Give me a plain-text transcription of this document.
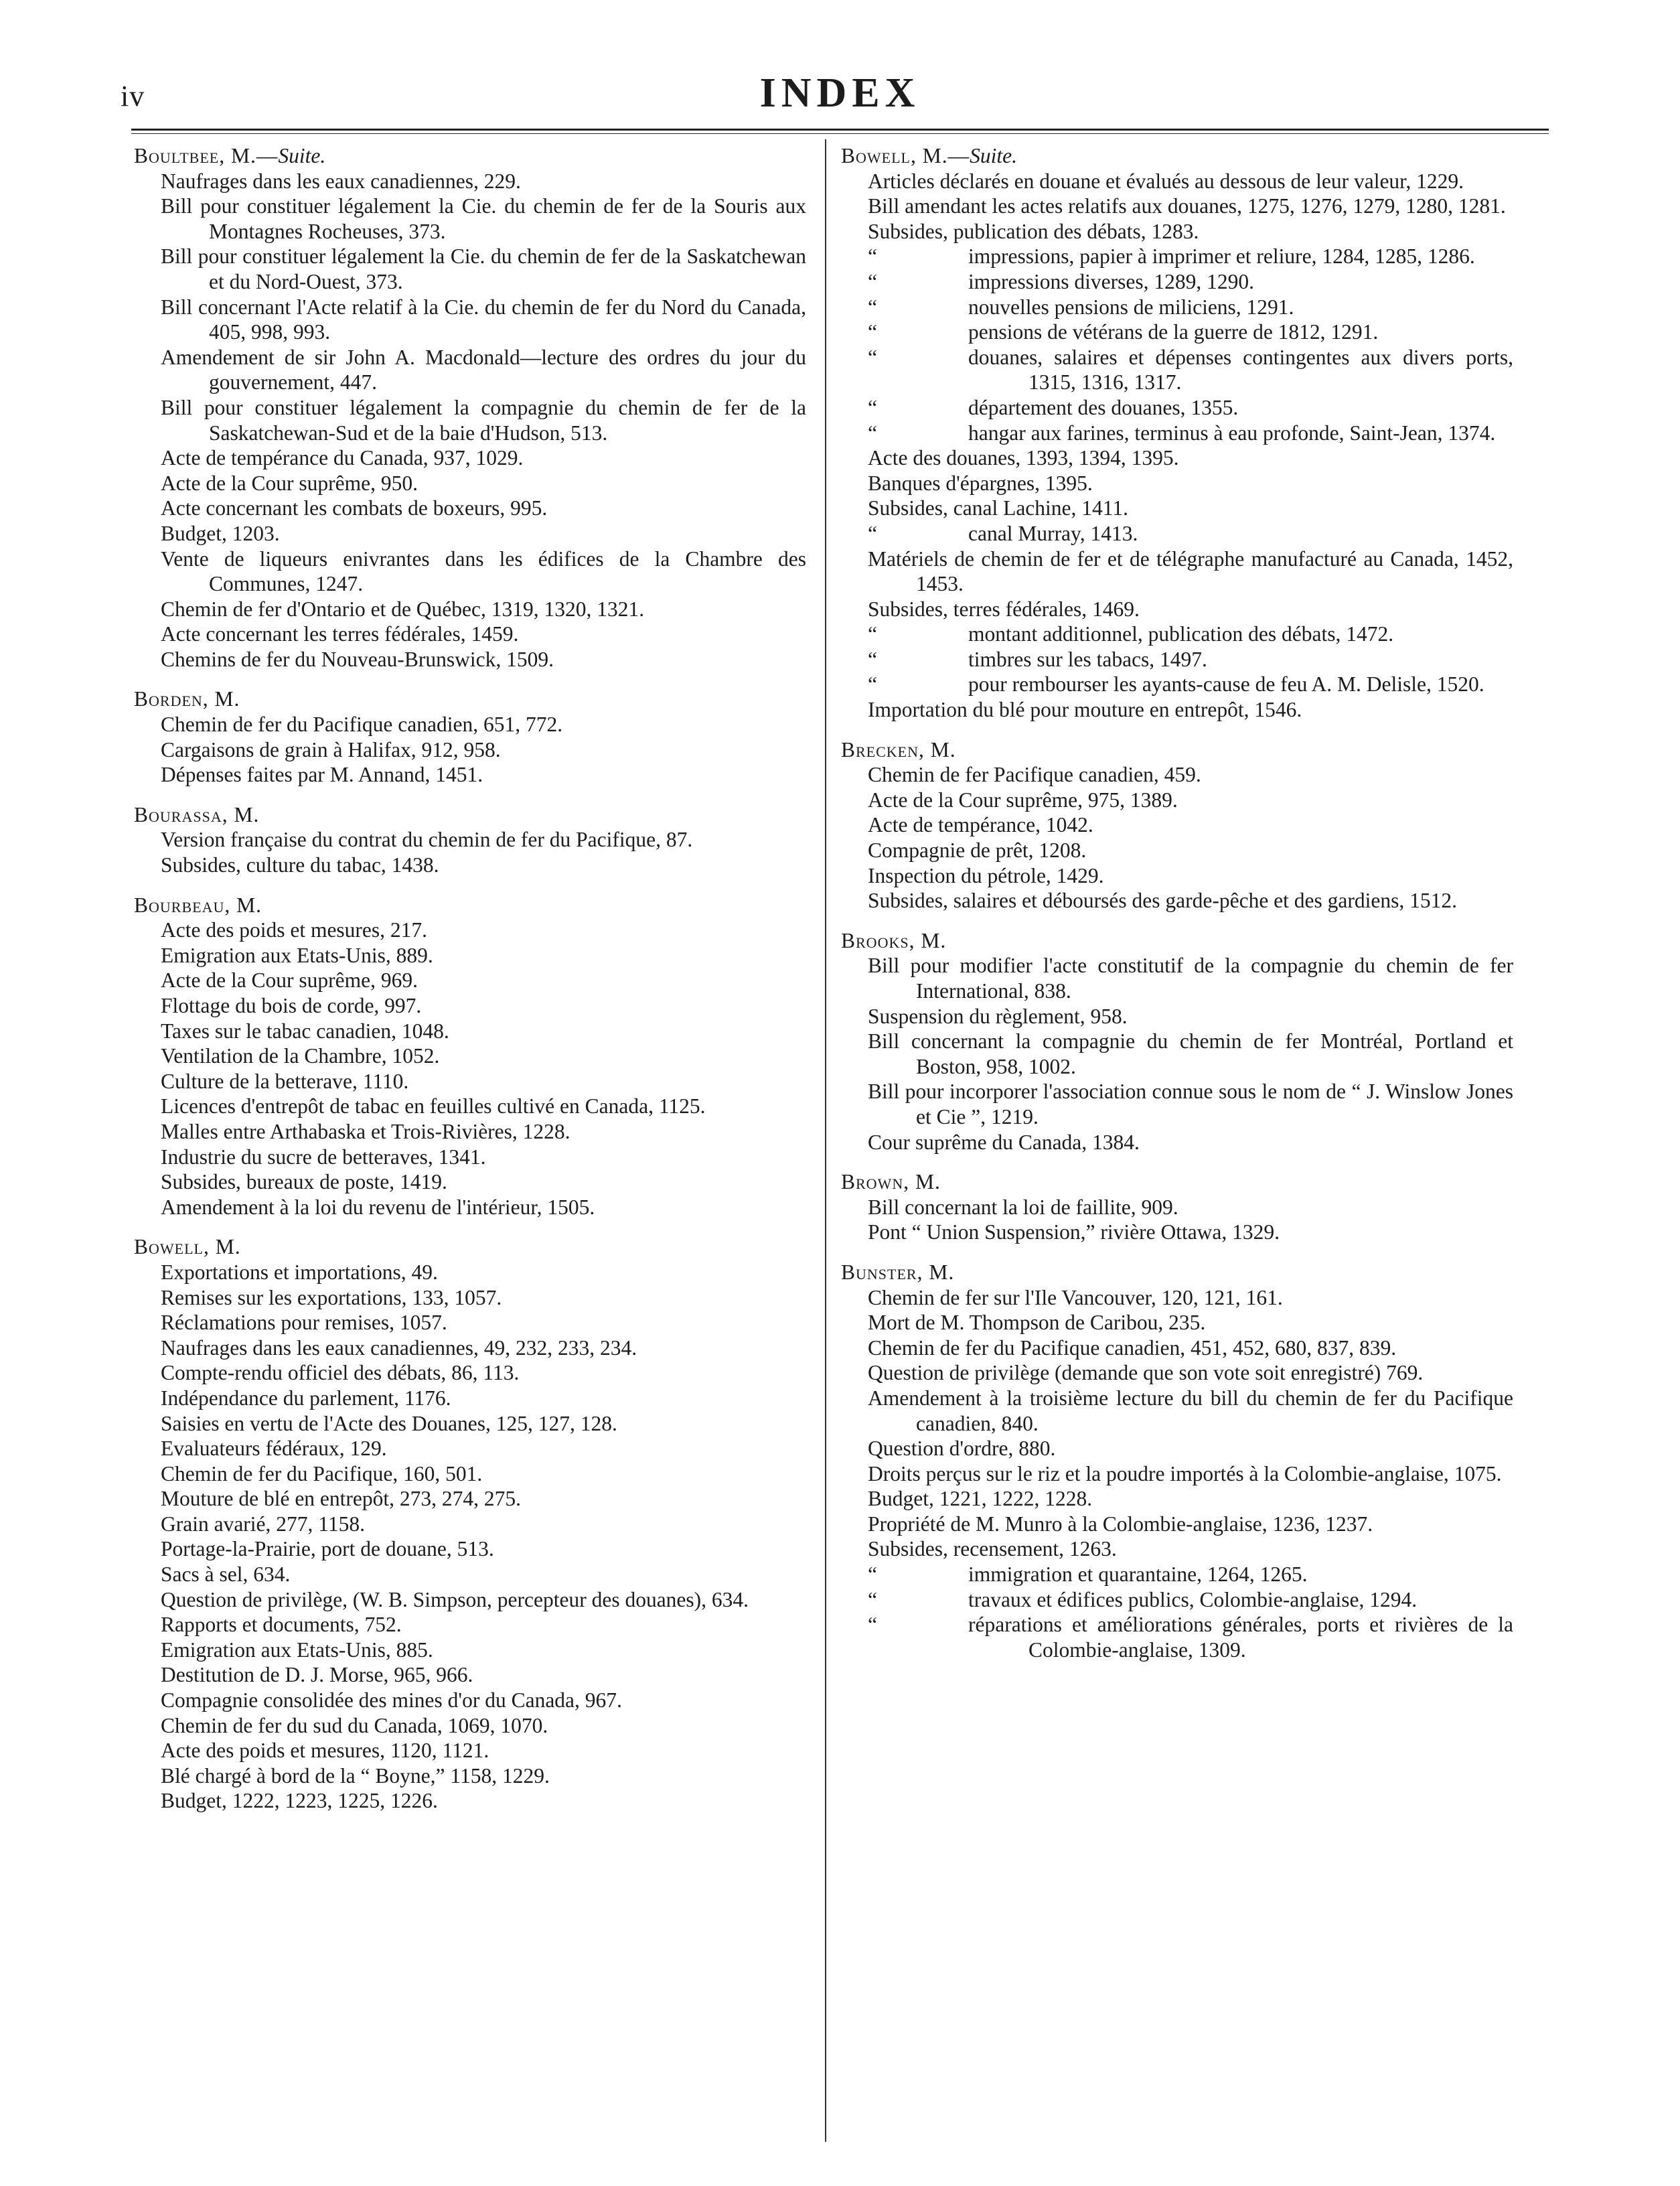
iv	INDEX
Boultbee, M.—Suite.
Naufrages dans les eaux canadiennes, 229.
Bill pour constituer légalement la Cie. du chemin de fer de la Souris aux Montagnes Rocheuses, 373.
Bill pour constituer légalement la Cie. du chemin de fer de la Saskatchewan et du Nord-Ouest, 373.
Bill concernant l'Acte relatif à la Cie. du chemin de fer du Nord du Canada, 405, 998, 993.
Amendement de sir John A. Macdonald—lecture des ordres du jour du gouvernement, 447.
Bill pour constituer légalement la compagnie du chemin de fer de la Saskatchewan-Sud et de la baie d'Hudson, 513.
Acte de tempérance du Canada, 937, 1029.
Acte de la Cour suprême, 950.
Acte concernant les combats de boxeurs, 995.
Budget, 1203.
Vente de liqueurs enivrantes dans les édifices de la Chambre des Communes, 1247.
Chemin de fer d'Ontario et de Québec, 1319, 1320, 1321.
Acte concernant les terres fédérales, 1459.
Chemins de fer du Nouveau-Brunswick, 1509.
Borden, M.
Chemin de fer du Pacifique canadien, 651, 772.
Cargaisons de grain à Halifax, 912, 958.
Dépenses faites par M. Annand, 1451.
Bourassa, M.
Version française du contrat du chemin de fer du Pacifique, 87.
Subsides, culture du tabac, 1438.
Bourbeau, M.
Acte des poids et mesures, 217.
Emigration aux Etats-Unis, 889.
Acte de la Cour suprême, 969.
Flottage du bois de corde, 997.
Taxes sur le tabac canadien, 1048.
Ventilation de la Chambre, 1052.
Culture de la betterave, 1110.
Licences d'entrepôt de tabac en feuilles cultivé en Canada, 1125.
Malles entre Arthabaska et Trois-Rivières, 1228.
Industrie du sucre de betteraves, 1341.
Subsides, bureaux de poste, 1419.
Amendement à la loi du revenu de l'intérieur, 1505.
Bowell, M.
Exportations et importations, 49.
Remises sur les exportations, 133, 1057.
Réclamations pour remises, 1057.
Naufrages dans les eaux canadiennes, 49, 232, 233, 234.
Compte-rendu officiel des débats, 86, 113.
Indépendance du parlement, 1176.
Saisies en vertu de l'Acte des Douanes, 125, 127, 128.
Evaluateurs fédéraux, 129.
Chemin de fer du Pacifique, 160, 501.
Mouture de blé en entrepôt, 273, 274, 275.
Grain avarié, 277, 1158.
Portage-la-Prairie, port de douane, 513.
Sacs à sel, 634.
Question de privilège, (W. B. Simpson, percepteur des douanes), 634.
Rapports et documents, 752.
Emigration aux Etats-Unis, 885.
Destitution de D. J. Morse, 965, 966.
Compagnie consolidée des mines d'or du Canada, 967.
Chemin de fer du sud du Canada, 1069, 1070.
Acte des poids et mesures, 1120, 1121.
Blé chargé à bord de la “ Boyne,” 1158, 1229.
Budget, 1222, 1223, 1225, 1226.
Bowell, M.—Suite.
Articles déclarés en douane et évalués au dessous de leur valeur, 1229.
Bill amendant les actes relatifs aux douanes, 1275, 1276, 1279, 1280, 1281.
Subsides, publication des débats, 1283.
“	impressions, papier à imprimer et reliure, 1284, 1285, 1286.
“	impressions diverses, 1289, 1290.
“	nouvelles pensions de miliciens, 1291.
“	pensions de vétérans de la guerre de 1812, 1291.
“	douanes, salaires et dépenses contingentes aux divers ports, 1315, 1316, 1317.
“	département des douanes, 1355.
“	hangar aux farines, terminus à eau profonde, Saint-Jean, 1374.
Acte des douanes, 1393, 1394, 1395.
Banques d'épargnes, 1395.
Subsides, canal Lachine, 1411.
“	canal Murray, 1413.
Matériels de chemin de fer et de télégraphe manufacturé au Canada, 1452, 1453.
Subsides, terres fédérales, 1469.
“	montant additionnel, publication des débats, 1472.
“	timbres sur les tabacs, 1497.
“	pour rembourser les ayants-cause de feu A. M. Delisle, 1520.
Importation du blé pour mouture en entrepôt, 1546.
Brecken, M.
Chemin de fer Pacifique canadien, 459.
Acte de la Cour suprême, 975, 1389.
Acte de tempérance, 1042.
Compagnie de prêt, 1208.
Inspection du pétrole, 1429.
Subsides, salaires et déboursés des garde-pêche et des gardiens, 1512.
Brooks, M.
Bill pour modifier l'acte constitutif de la compagnie du chemin de fer International, 838.
Suspension du règlement, 958.
Bill concernant la compagnie du chemin de fer Montréal, Portland et Boston, 958, 1002.
Bill pour incorporer l'association connue sous le nom de “ J. Winslow Jones et Cie ”, 1219.
Cour suprême du Canada, 1384.
Brown, M.
Bill concernant la loi de faillite, 909.
Pont “ Union Suspension,” rivière Ottawa, 1329.
Bunster, M.
Chemin de fer sur l'Ile Vancouver, 120, 121, 161.
Mort de M. Thompson de Caribou, 235.
Chemin de fer du Pacifique canadien, 451, 452, 680, 837, 839.
Question de privilège (demande que son vote soit enregistré) 769.
Amendement à la troisième lecture du bill du chemin de fer du Pacifique canadien, 840.
Question d'ordre, 880.
Droits perçus sur le riz et la poudre importés à la Colombie-anglaise, 1075.
Budget, 1221, 1222, 1228.
Propriété de M. Munro à la Colombie-anglaise, 1236, 1237.
Subsides, recensement, 1263.
“	immigration et quarantaine, 1264, 1265.
“	travaux et édifices publics, Colombie-anglaise, 1294.
“	réparations et améliorations générales, ports et rivières de la Colombie-anglaise, 1309.
